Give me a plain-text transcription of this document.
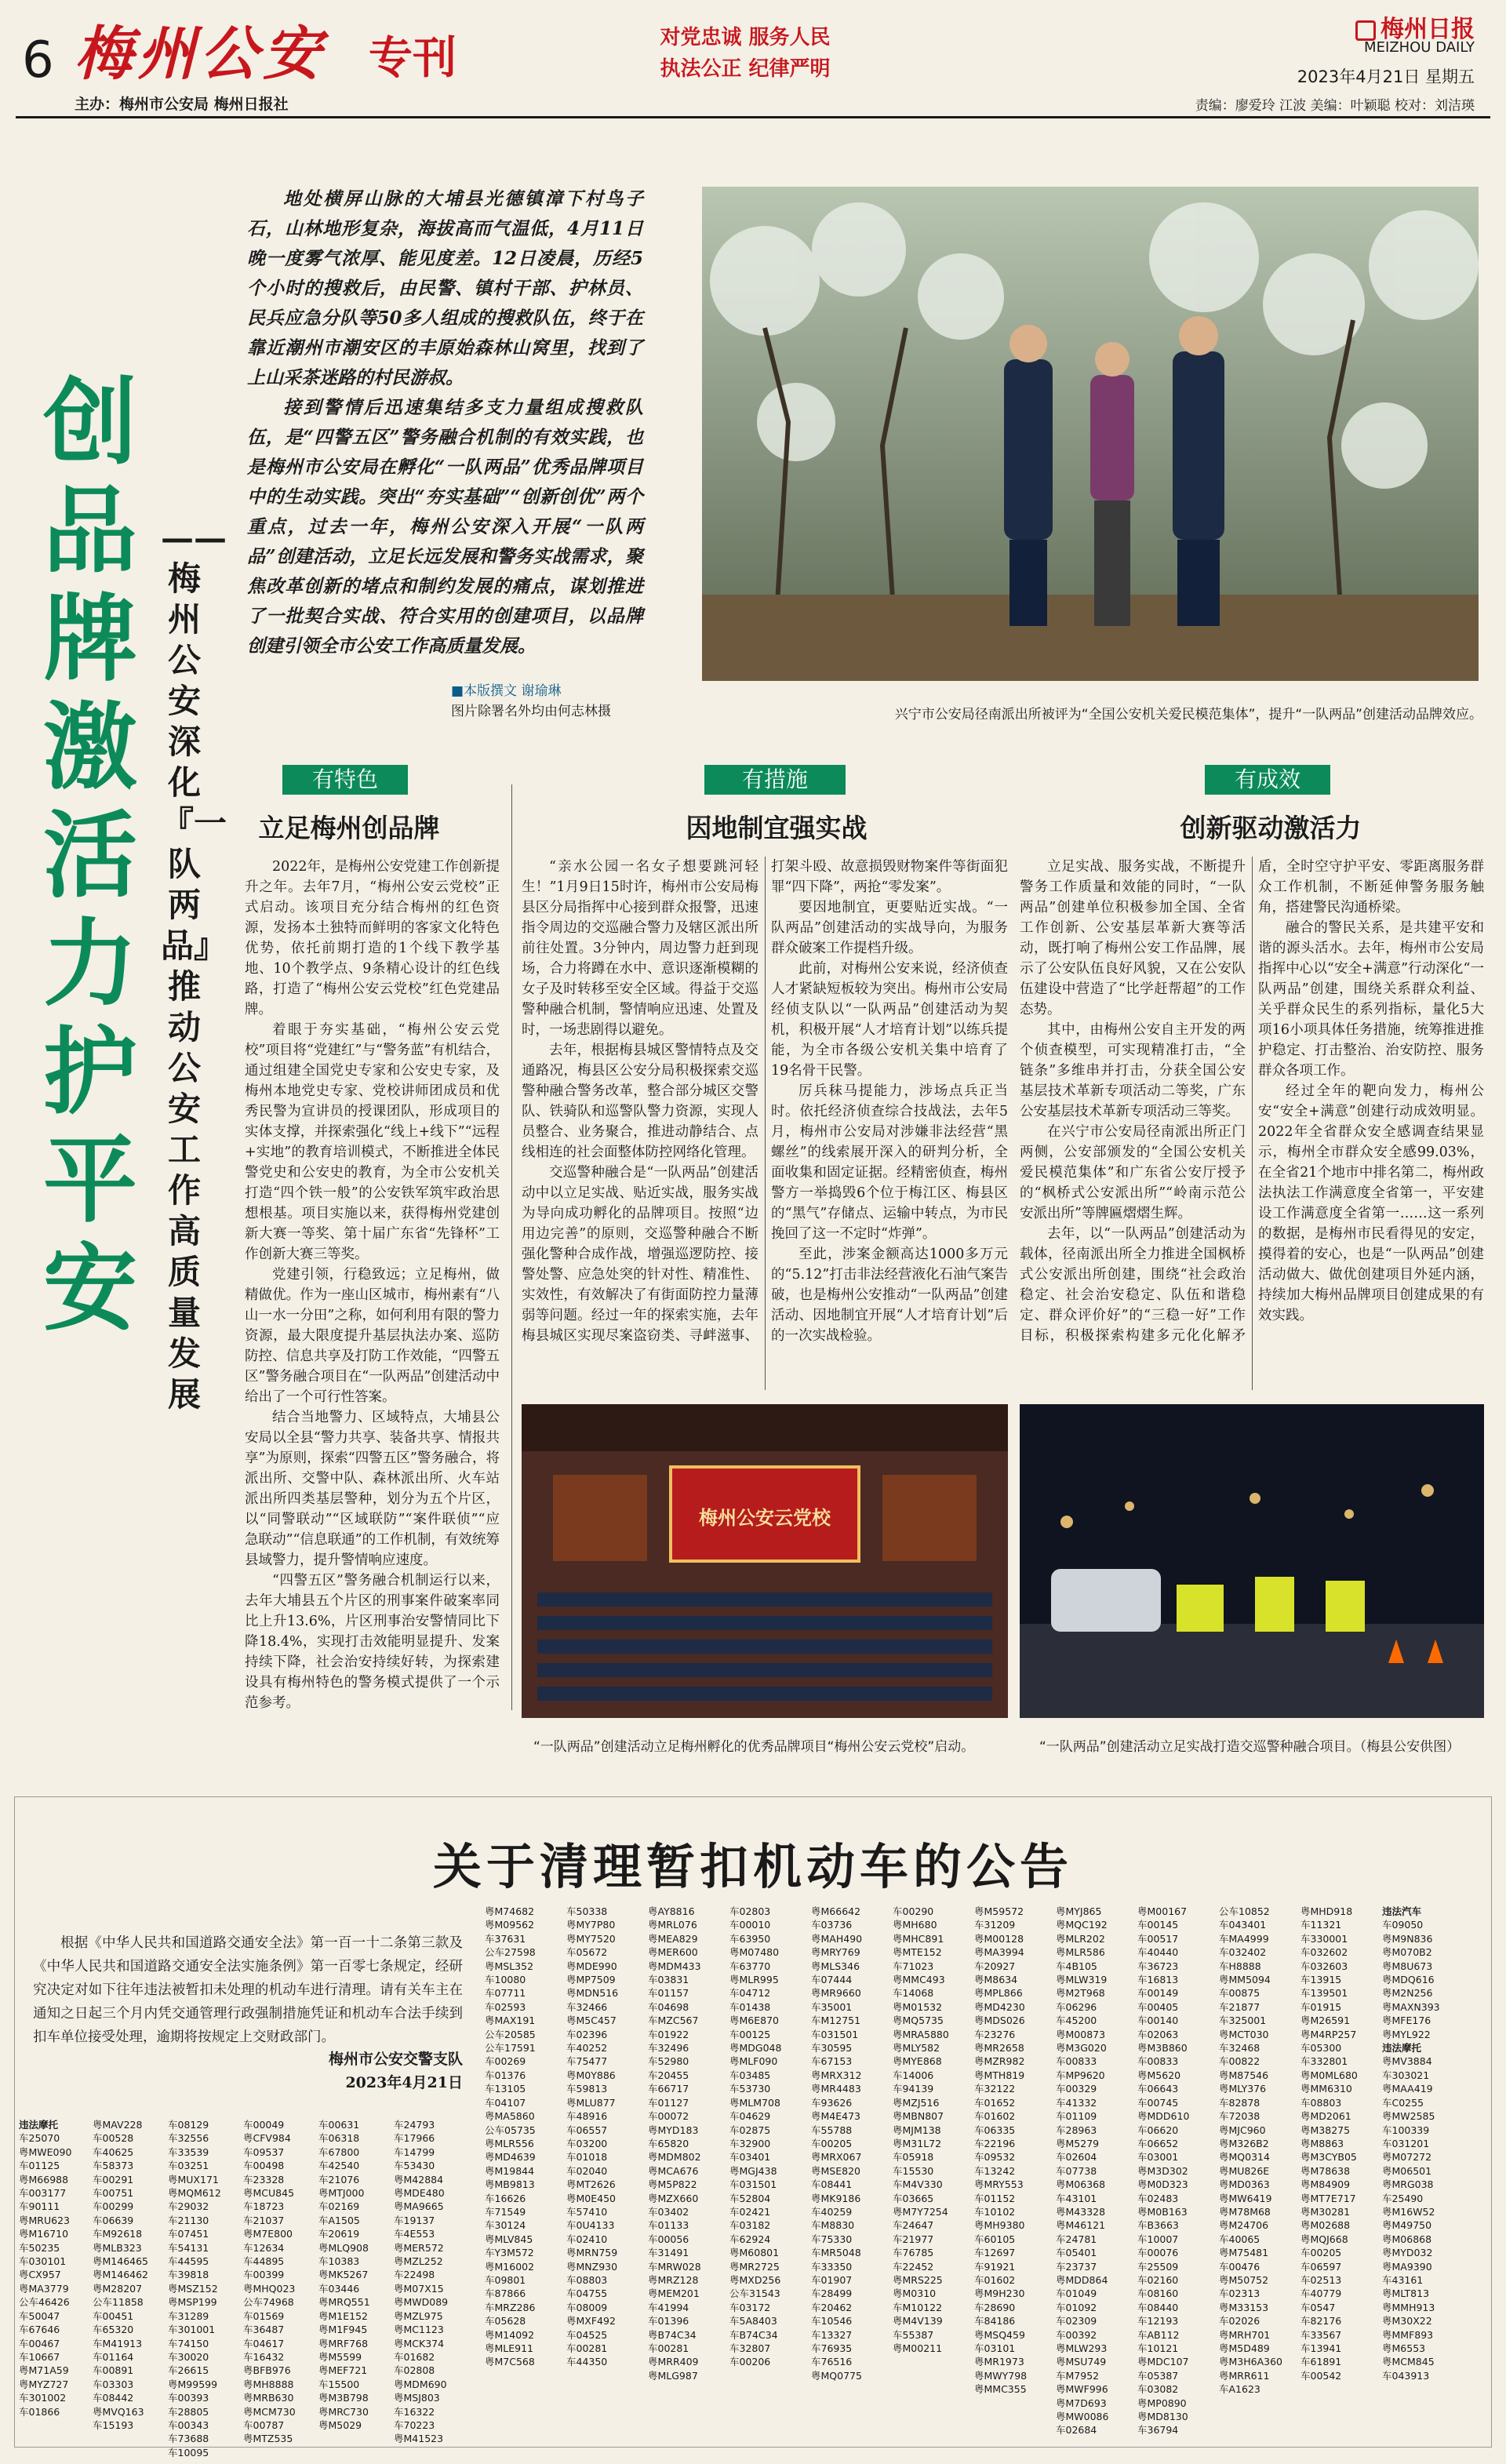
6 梅州公安 专刊	对党忠诚 服务人民
执法公正 纪律严明
梅州日报
MEIZHOU DAILY
2023年4月21日 星期五
主办：梅州市公安局 梅州日报社	责编：廖爱玲 江波 美编：叶颖聪 校对：刘洁瑛
创品牌 激活力 护平安
——梅州公安深化『一队两品』推动公安工作高质量发展

地处横屏山脉的大埔县光德镇漳下村鸟子石，山林地形复杂，海拔高而气温低，4月11日晚一度雾气浓厚、能见度差。12日凌晨，历经5个小时的搜救后，由民警、镇村干部、护林员、民兵应急分队等50多人组成的搜救队伍，终于在靠近潮州市潮安区的丰原始森林山窝里，找到了上山采茶迷路的村民游叔。

接到警情后迅速集结多支力量组成搜救队伍，是“四警五区”警务融合机制的有效实践，也是梅州市公安局在孵化“一队两品”优秀品牌项目中的生动实践。突出“夯实基础”“创新创优”两个重点，过去一年，梅州公安深入开展“一队两品”创建活动，立足长远发展和警务实战需求，聚焦改革创新的堵点和制约发展的痛点，谋划推进了一批契合实战、符合实用的创建项目，以品牌创建引领全市公安工作高质量发展。

■本版撰文 谢瑜琳
图片除署名外均由何志林摄	兴宁市公安局径南派出所被评为“全国公安机关爱民模范集体”，提升“一队两品”创建活动品牌效应。
有特色
立足梅州创品牌

2022年，是梅州公安党建工作创新提升之年。去年7月，“梅州公安云党校”正式启动。该项目充分结合梅州的红色资源，发扬本土独特而鲜明的客家文化特色优势，依托前期打造的1个线下教学基地、10个教学点、9条精心设计的红色线路，打造了“梅州公安云党校”红色党建品牌。

着眼于夯实基础，“梅州公安云党校”项目将“党建红”与“警务蓝”有机结合，通过组建全国党史专家和公安史专家，及梅州本地党史专家、党校讲师团成员和优秀民警为宣讲员的授课团队，形成项目的实体支撑，并探索强化“线上+线下”“远程+实地”的教育培训模式，不断推进全体民警党史和公安史的教育，为全市公安机关打造“四个铁一般”的公安铁军筑牢政治思想根基。项目实施以来，获得梅州党建创新大赛一等奖、第十届广东省“先锋杯”工作创新大赛三等奖。

党建引领，行稳致远；立足梅州，做精做优。作为一座山区城市，梅州素有“八山一水一分田”之称，如何利用有限的警力资源，最大限度提升基层执法办案、巡防防控、信息共享及打防工作效能，“四警五区”警务融合项目在“一队两品”创建活动中给出了一个可行性答案。

结合当地警力、区域特点，大埔县公安局以全县“警力共享、装备共享、情报共享”为原则，探索“四警五区”警务融合，将派出所、交警中队、森林派出所、火车站派出所四类基层警种，划分为五个片区，以“同警联动”“区域联防”“案件联侦”“应急联动”“信息联通”的工作机制，有效统筹县域警力，提升警情响应速度。

“四警五区”警务融合机制运行以来，去年大埔县五个片区的刑事案件破案率同比上升13.6%，片区刑事治安警情同比下降18.4%，实现打击效能明显提升、发案持续下降，社会治安持续好转，为探索建设具有梅州特色的警务模式提供了一个示范参考。

有措施
因地制宜强实战

“亲水公园一名女子想要跳河轻生！”1月9日15时许，梅州市公安局梅县区分局指挥中心接到群众报警，迅速指令周边的交巡融合警力及辖区派出所前往处置。3分钟内，周边警力赶到现场，合力将蹲在水中、意识逐渐模糊的女子及时转移至安全区域。得益于交巡警种融合机制，警情响应迅速、处置及时，一场悲剧得以避免。

去年，根据梅县城区警情特点及交通路况，梅县区公安分局积极探索交巡警种融合警务改革，整合部分城区交警队、铁骑队和巡警队警力资源，实现人员整合、业务聚合，推进动静结合、点线相连的社会面整体防控网络化管理。

交巡警种融合是“一队两品”创建活动中以立足实战、贴近实战，服务实战为导向成功孵化的品牌项目。按照“边用边完善”的原则，交巡警种融合不断强化警种合成作战，增强巡逻防控、接警处警、应急处突的针对性、精准性、实效性，有效解决了有街面防控力量薄弱等问题。经过一年的探索实施，去年梅县城区实现尽案盗窃类、寻衅滋事、打架斗殴、故意损毁财物案件等街面犯罪“四下降”，两抢“零发案”。

要因地制宜，更要贴近实战。“一队两品”创建活动的实战导向，为服务群众破案工作提档升级。

此前，对梅州公安来说，经济侦查人才紧缺短板较为突出。梅州市公安局经侦支队以“一队两品”创建活动为契机，积极开展“人才培育计划”以练兵提能，为全市各级公安机关集中培育了19名骨干民警。

厉兵秣马提能力，涉场点兵正当时。依托经济侦查综合技战法，去年5月，梅州市公安局对涉嫌非法经营“黑螺丝”的线索展开深入的研判分析，全面收集和固定证据。经精密侦查，梅州警方一举捣毁6个位于梅江区、梅县区的“黑气”存储点、运输中转点，为市民挽回了这一不定时“炸弹”。

至此，涉案金额高达1000多万元的“5.12”打击非法经营液化石油气案告破，也是梅州公安推动“一队两品”创建活动、因地制宜开展“人才培育计划”后的一次实战检验。

有成效
创新驱动激活力

立足实战、服务实战，不断提升警务工作质量和效能的同时，“一队两品”创建单位积极参加全国、全省工作创新、公安基层革新大赛等活动，既打响了梅州公安工作品牌，展示了公安队伍良好风貌，又在公安队伍建设中营造了“比学赶帮超”的工作态势。

其中，由梅州公安自主开发的两个侦查模型，可实现精准打击，“全链条”多维串并打击，分获全国公安基层技术革新专项活动二等奖，广东公安基层技术革新专项活动三等奖。

在兴宁市公安局径南派出所正门两侧，公安部颁发的“全国公安机关爱民模范集体”和广东省公安厅授予的“枫桥式公安派出所”“岭南示范公安派出所”等牌匾熠熠生辉。

去年，以“一队两品”创建活动为载体，径南派出所全力推进全国枫桥式公安派出所创建，围绕“社会政治稳定、社会治安稳定、队伍和谐稳定、群众评价好”的“三稳一好”工作目标，积极探索构建多元化化解矛盾，全时空守护平安、零距离服务群众工作机制，不断延伸警务服务触角，搭建警民沟通桥梁。

融合的警民关系，是共建平安和谐的源头活水。去年，梅州市公安局指挥中心以“安全+满意”行动深化“一队两品”创建，围绕关系群众利益、关乎群众民生的系列指标，量化5大项16小项具体任务措施，统筹推进推护稳定、打击整治、治安防控、服务群众各项工作。

经过全年的靶向发力，梅州公安“安全+满意”创建行动成效明显。2022年全省群众安全感调查结果显示，梅州全市群众安全感99.03%，在全省21个地市中排名第二，梅州政法执法工作满意度全省第一，平安建设工作满意度全省第一……这一系列的数据，是梅州市民看得见的安定，摸得着的安心，也是“一队两品”创建活动做大、做优创建项目外延内涵，持续加大梅州品牌项目创建成果的有效实践。

梅州公安云党校
“一队两品”创建活动立足梅州孵化的优秀品牌项目“梅州公安云党校”启动。	“一队两品”创建活动立足实战打造交巡警种融合项目。（梅县公安供图）
关于清理暂扣机动车的公告
根据《中华人民共和国道路交通安全法》第一百一十二条第三款及《中华人民共和国道路交通安全法实施条例》第一百零七条规定，经研究决定对如下往年违法被暂扣未处理的机动车进行清理。请有关车主在通知之日起三个月内凭交通管理行政强制措施凭证和机动车合法手续到扣车单位接受处理，逾期将按规定上交财政部门。
梅州市公安交警支队
2023年4月21日
违法摩托
车25070
粤MWE090
车01125
粤M66988
车003177
车90111
粤MRU623
粤M16710
车50235
车030101
粤CX957
粤MA3779
公车46426
车50047
车67646
车00467
车10667
粤M71A59
粤MYZ727
车301002
车01866
粤MAV228
车00528
车40625
车58373
车00291
车00751
车00299
车06639
车M92618
粤MLB323
粤M146465
粤M146462
粤M28207
公车11858
车00451
车65320
车M41913
车01164
车00891
车03303
车08442
粤MVQ163
车15193
车08129
车32556
车33539
车03251
粤MUX171
粤MQM612
车29032
车21130
车07451
车54131
车44595
车39818
粤MSZ152
粤MSP199
车31289
车301001
车74150
车30020
车26615
粤M99599
车00393
车28805
车00343
车73688
车10095
车00049
粤CFV984
车09537
车00498
车23328
粤MCU845
车18723
车21037
粤M7E800
车12634
车44895
车00399
粤MHQ023
公车74968
车01569
车36487
车04617
车16432
粤BFB976
粤MH8888
粤MRB630
粤MCM730
车00787
粤MTZ535
车00631
车06318
车67800
车42540
车21076
粤MTJ000
车02169
车A1505
车20619
粤MLQ908
车10383
粤MK5267
车03446
粤MRQ551
粤M1E152
粤M1F945
粤MRF768
粤M5599
粤MEF721
车15500
粤M3B798
粤MRC730
粤M5029
车24793
车17966
车14799
车53430
粤M42884
粤MDE480
粤MA9665
车19137
车4E553
粤MER572
粤MZL252
车22498
粤M07X15
粤MWD089
粤MZL975
粤MC1123
粤MCK374
车01682
车02808
粤MDM690
粤MSJ803
车16322
车70223
粤M41523
粤M74682
粤M09562
车37631
公车27598
粤MSL352
车10080
车07711
车02593
粤MAX191
公车20585
公车17591
车00269
车01376
车13105
车04107
粤MA5860
公车05735
粤MLR556
粤MD4639
粤M19844
粤MB9813
车16626
车71549
车30124
粤MLV845
车Y3M572
粤M16002
车09801
车87866
车MRZ286
车05628
粤M14092
粤MLE911
粤M7C568
车50338
粤MY7P80
粤MY7520
车05672
粤MDE990
粤MP7509
粤MDN516
车32466
粤M5C457
车02396
车40252
车75477
粤M0Y886
车59813
粤MLU877
车48916
车06557
车03200
车01018
车02040
粤MT2626
粤M0E450
车57410
车0U4133
车02410
粤MRN759
粤MNZ930
车08803
车04755
车08009
粤MXF492
车04525
车00281
车44350
粤AY8816
粤MRL076
粤MEA829
粤MER600
粤MDM433
车03831
车01157
车04698
车MZC567
车01922
车32496
车52980
车20455
车66717
车01127
车00072
粤MYD183
车65820
粤MDM802
粤MCA676
粤M5P822
粤MZX660
车03402
车01133
车00056
车31491
车MRW028
粤MRZ128
粤MEM201
车41994
车01396
粤B74C34
车00281
粤MRR409
粤MLG987
车02803
车00010
车63950
粤M07480
车63770
粤MLR995
车04712
车01438
粤M6E870
车00125
粤MDG048
粤MLF090
车03485
车53730
粤MLM708
车04629
车02875
车32900
车03401
粤MGJ438
车031501
车52804
车02421
车03182
车62924
粤M60801
粤MR2725
粤MXD256
公车31543
车03172
车5A8403
车B74C34
车32807
车00206
粤M66642
车03736
粤MAH490
粤MRY769
粤MLS346
车07444
粤MR9660
车35001
车M12751
车031501
车30595
车67153
粤MRX312
粤MR4483
车93626
粤M4E473
车55788
车00205
粤MRX067
粤MSE820
车08441
粤MK9186
车40259
车M8830
车75330
车MR5048
车33350
车01907
车28499
车20462
车10546
车13327
车76935
车76516
粤MQ0775
车00290
粤MH680
粤MHC891
粤MTE152
车71023
粤MMC493
车14068
粤M01532
粤MQ5735
粤MRA5880
粤MLY582
粤MYE868
车14006
车94139
粤MZJ516
粤MBN807
粤MJM138
粤M31L72
车05918
车15530
车M4V330
车03665
粤M7Y7254
车24647
车21977
车76785
车22452
粤MRS225
粤M0310
车M10122
粤M4V139
车55387
粤M00211
粤M59572
车31209
粤M00128
粤MA3994
车20927
粤M8634
粤MPL866
粤MD4230
粤MDS026
车23276
粤MR2658
粤MZR982
粤MTH819
车32122
车01652
车01602
车06335
车22196
车09532
车13242
粤MRY553
车01152
车10102
粤MH9380
车60105
车12697
车91921
车01602
粤M9H230
车28690
车84186
粤MSQ459
车03101
粤MR1973
粤MWY798
粤MMC355
粤MYJ865
粤MQC192
粤MLR202
粤MLR586
车4B105
粤MLW319
粤M2T968
车06296
车45200
粤M00873
粤M3G020
车00833
车MP9620
车00329
车41332
车01109
车28963
粤M5279
车02604
车07738
粤M06368
车43101
粤M43328
粤M46121
车24781
车05401
车23737
粤MDD864
车01049
车01092
车02309
车00392
粤MLW293
粤MSU749
车M7952
粤MWF996
粤M7D693
粤MW0086
车02684
粤M00167
车00145
车00517
车40440
车36723
车16813
车00149
车00405
车00140
车02063
粤M3B860
车00833
粤M5620
车06643
车00745
粤MDD610
车06620
车06652
车03001
粤M3D302
粤M0D323
车02483
粤M0B163
车B3663
车10007
车00076
车25509
车02160
车08160
车08440
车12193
车AB112
车10121
粤MDC107
车05387
车03082
粤MP0890
粤MD8130
车36794
公车10852
车043401
车MA4999
车032402
车H8888
粤MM5094
车00875
车21877
车325001
粤MCT030
车32468
车00822
粤M87546
粤MLY376
车82878
车72038
粤MJC960
粤M326B2
粤MQ0314
粤MU826E
粤MD0363
粤MW6419
粤M78M68
粤M24706
车40065
粤M75481
车00476
粤M50752
车02313
粤M33153
车02026
粤MRH701
粤M5D489
粤M3H6A360
粤MRR611
车A1623
粤MHD918
车11321
车330001
车032602
车032603
车13915
车139501
车01915
粤M26591
粤M4RP257
车05300
车332801
粤M0ML680
粤MM6310
车08803
粤MD2061
粤M38275
粤M8863
粤M3CYB05
粤M78638
粤M84909
粤MT7E717
粤M30281
粤M02688
粤MQJ668
车00205
车06597
车02513
车40779
车0547
车82176
车33567
车13941
车61891
车00542
违法汽车
车09050
粤M9N836
粤M070B2
粤M8U673
粤MDQ616
粤M2N256
粤MAXN393
粤MFE176
粤MYL922
违法摩托
粤MV3884
车303021
粤MAA419
车C0255
粤MW2585
车100339
车031201
粤M07272
粤M06501
粤MRG038
车25490
粤M16W52
粤M49750
粤M06868
粤MYD032
粤MA9390
车43161
粤MLT813
粤MMH913
粤M30X22
粤MMF893
粤M6553
粤MCM845
车043913
